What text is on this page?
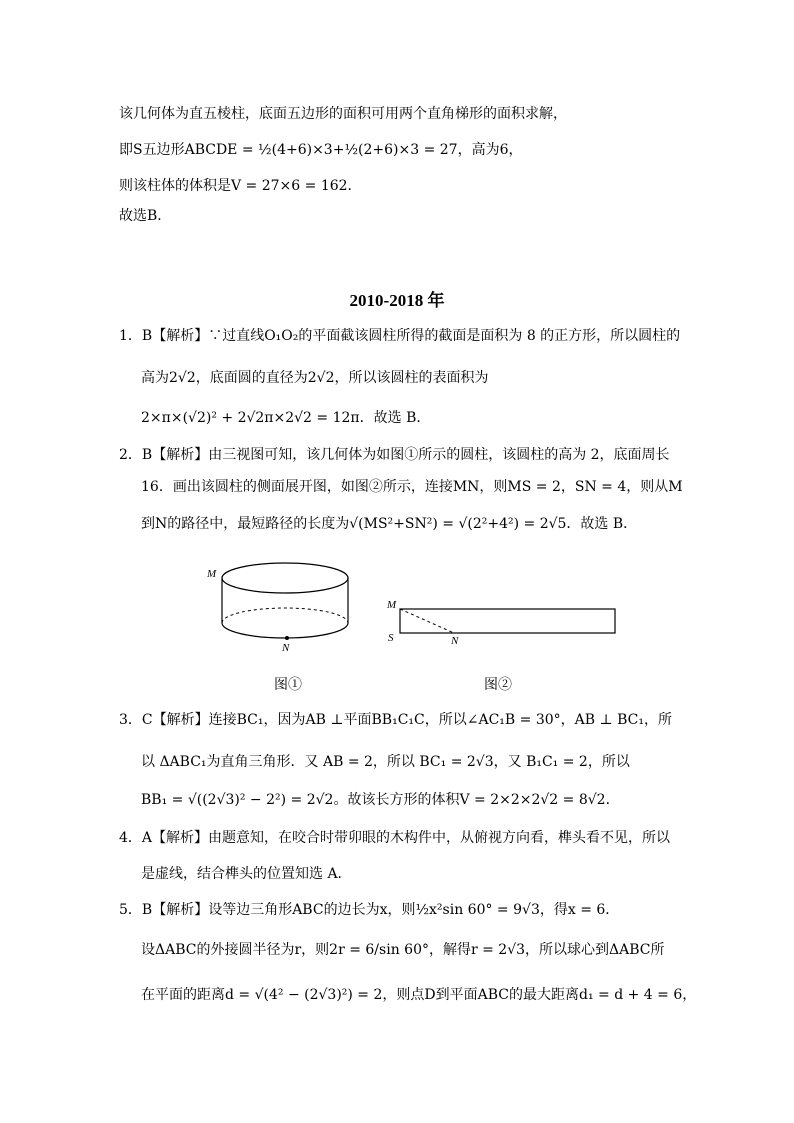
该几何体为直五棱柱，底面五边形的面积可用两个直角梯形的面积求解，
即S五边形ABCDE = ½(4+6)×3+½(2+6)×3 = 27，高为6，
则该柱体的体积是V = 27×6 = 162．
故选B．
2010-2018 年
1．B【解析】∵过直线O₁O₂的平面截该圆柱所得的截面是面积为 8 的正方形，所以圆柱的
高为2√2，底面圆的直径为2√2，所以该圆柱的表面积为
2×π×(√2)² + 2√2π×2√2 = 12π．故选 B．
2．B【解析】由三视图可知，该几何体为如图①所示的圆柱，该圆柱的高为 2，底面周长
16．画出该圆柱的侧面展开图，如图②所示，连接MN，则MS = 2，SN = 4，则从M
到N的路径中，最短路径的长度为√(MS²+SN²) = √(2²+4²) = 2√5．故选 B．
M
N
M
S	N
图①	图②
3．C【解析】连接BC₁，因为AB ⊥平面BB₁C₁C，所以∠AC₁B = 30°，AB ⊥ BC₁，所
以 ΔABC₁为直角三角形．又 AB = 2，所以 BC₁ = 2√3，又 B₁C₁ = 2，所以
BB₁ = √((2√3)² − 2²) = 2√2。故该长方形的体积V = 2×2×2√2 = 8√2．
4．A【解析】由题意知，在咬合时带卯眼的木构件中，从俯视方向看，榫头看不见，所以
是虚线，结合榫头的位置知选 A．
5．B【解析】设等边三角形ABC的边长为x，则½x²sin 60° = 9√3，得x = 6．
设ΔABC的外接圆半径为r，则2r = 6/sin 60°，解得r = 2√3，所以球心到ΔABC所
在平面的距离d = √(4² − (2√3)²) = 2，则点D到平面ABC的最大距离d₁ = d + 4 = 6，
